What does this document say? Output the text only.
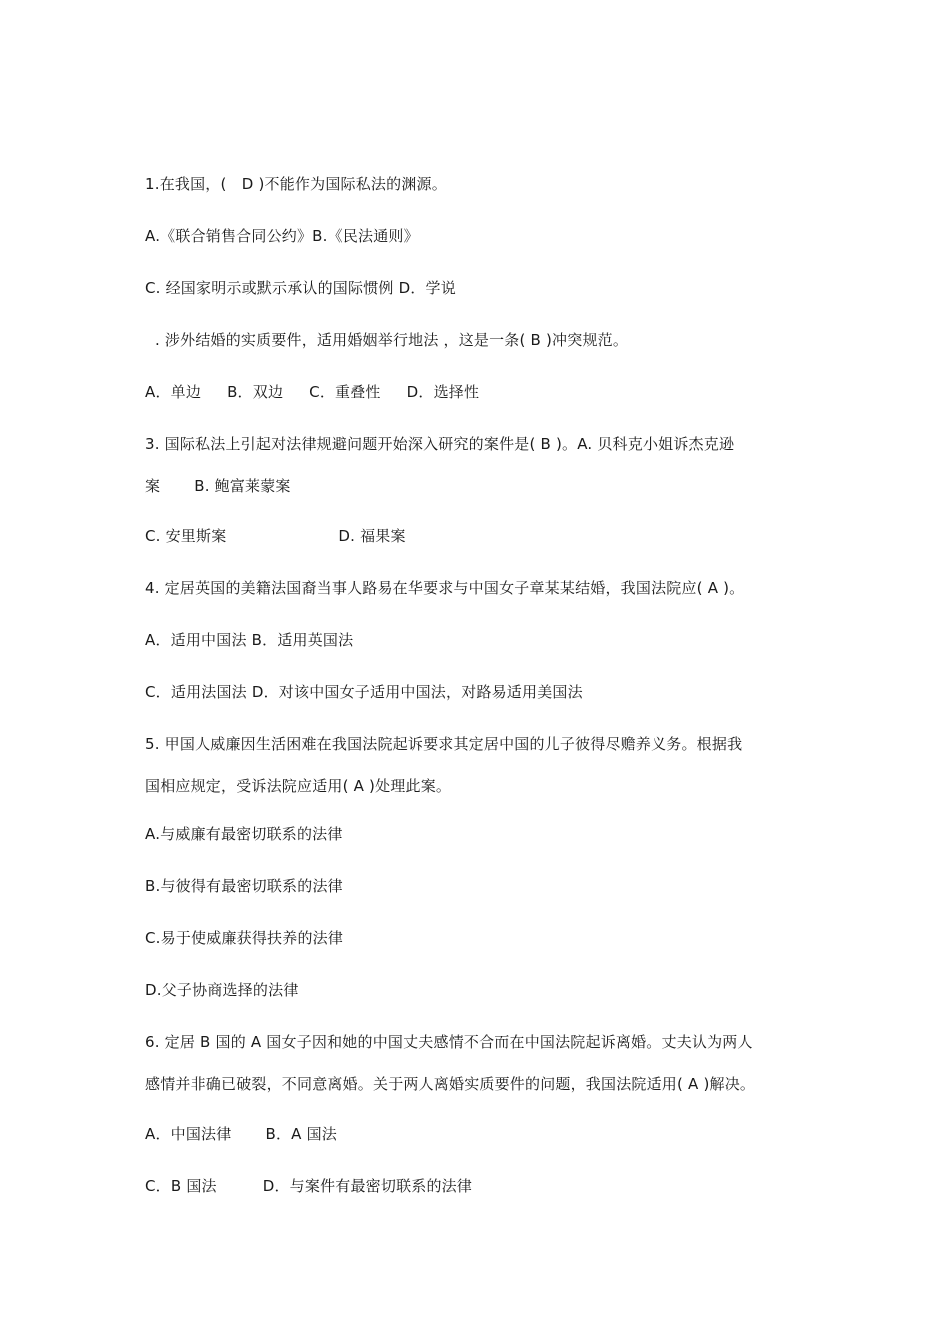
1.在我国，(　D )不能作为国际私法的渊源。
A.《联合销售合同公约》B.《民法通则》
C. 经国家明示或默示承认的国际惯例 D．学说
. 涉外结婚的实质要件，适用婚姻举行地法 ，这是一条( B )冲突规范。
A．单边 B．双边 C．重叠性 D．选择性
3. 国际私法上引起对法律规避问题开始深入研究的案件是( B )。A. 贝科克小姐诉杰克逊
案 B. 鲍富莱蒙案
C. 安里斯案	D. 福果案
4. 定居英国的美籍法国裔当事人路易在华要求与中国女子章某某结婚，我国法院应( A )。
A．适用中国法 B．适用英国法
C．适用法国法 D．对该中国女子适用中国法，对路易适用美国法
5. 甲国人威廉因生活困难在我国法院起诉要求其定居中国的儿子彼得尽赡养义务。根据我
国相应规定，受诉法院应适用( A )处理此案。
A.与威廉有最密切联系的法律
B.与彼得有最密切联系的法律
C.易于使威廉获得扶养的法律
D.父子协商选择的法律
6. 定居 B 国的 A 国女子因和她的中国丈夫感情不合而在中国法院起诉离婚。丈夫认为两人
感情并非确已破裂，不同意离婚。关于两人离婚实质要件的问题，我国法院适用( A )解决。
A．中国法律 B．A 国法
C．B 国法	D．与案件有最密切联系的法律
